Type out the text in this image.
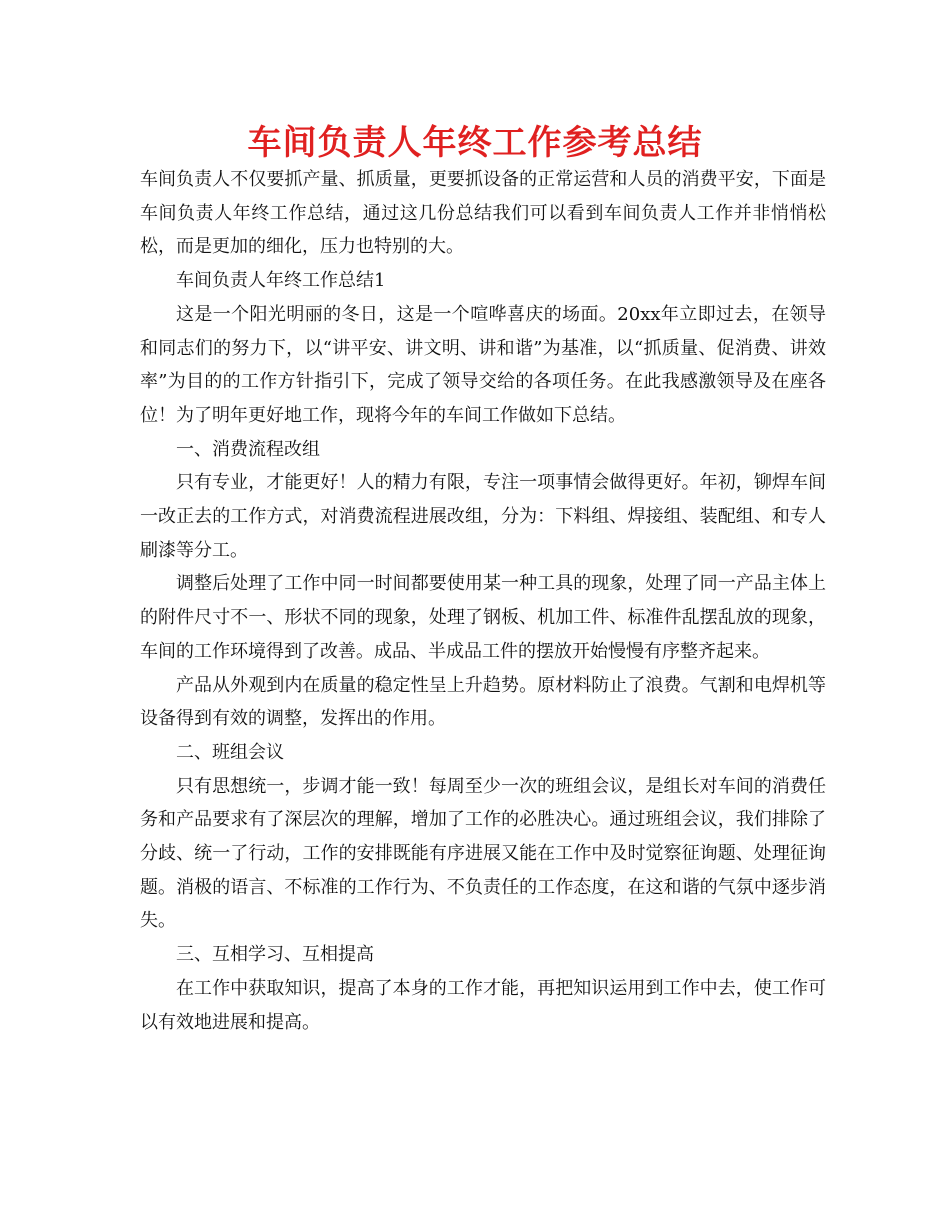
车间负责人年终工作参考总结

车间负责人不仅要抓产量、抓质量，更要抓设备的正常运营和人员的消费平安，下面是车间负责人年终工作总结，通过这几份总结我们可以看到车间负责人工作并非悄悄松松，而是更加的细化，压力也特别的大。

车间负责人年终工作总结1

这是一个阳光明丽的冬日，这是一个喧哗喜庆的场面。20xx年立即过去，在领导和同志们的努力下，以“讲平安、讲文明、讲和谐”为基准，以“抓质量、促消费、讲效率”为目的的工作方针指引下，完成了领导交给的各项任务。在此我感激领导及在座各位！为了明年更好地工作，现将今年的车间工作做如下总结。

一、消费流程改组

只有专业，才能更好！人的精力有限，专注一项事情会做得更好。年初，铆焊车间一改正去的工作方式，对消费流程进展改组，分为：下料组、焊接组、装配组、和专人刷漆等分工。

调整后处理了工作中同一时间都要使用某一种工具的现象，处理了同一产品主体上的附件尺寸不一、形状不同的现象，处理了钢板、机加工件、标准件乱摆乱放的现象，车间的工作环境得到了改善。成品、半成品工件的摆放开始慢慢有序整齐起来。

产品从外观到内在质量的稳定性呈上升趋势。原材料防止了浪费。气割和电焊机等设备得到有效的调整，发挥出的作用。

二、班组会议

只有思想统一，步调才能一致！每周至少一次的班组会议，是组长对车间的消费任务和产品要求有了深层次的理解，增加了工作的必胜决心。通过班组会议，我们排除了分歧、统一了行动，工作的安排既能有序进展又能在工作中及时觉察征询题、处理征询题。消极的语言、不标准的工作行为、不负责任的工作态度，在这和谐的气氛中逐步消失。

三、互相学习、互相提高

在工作中获取知识，提高了本身的工作才能，再把知识运用到工作中去，使工作可以有效地进展和提高。
